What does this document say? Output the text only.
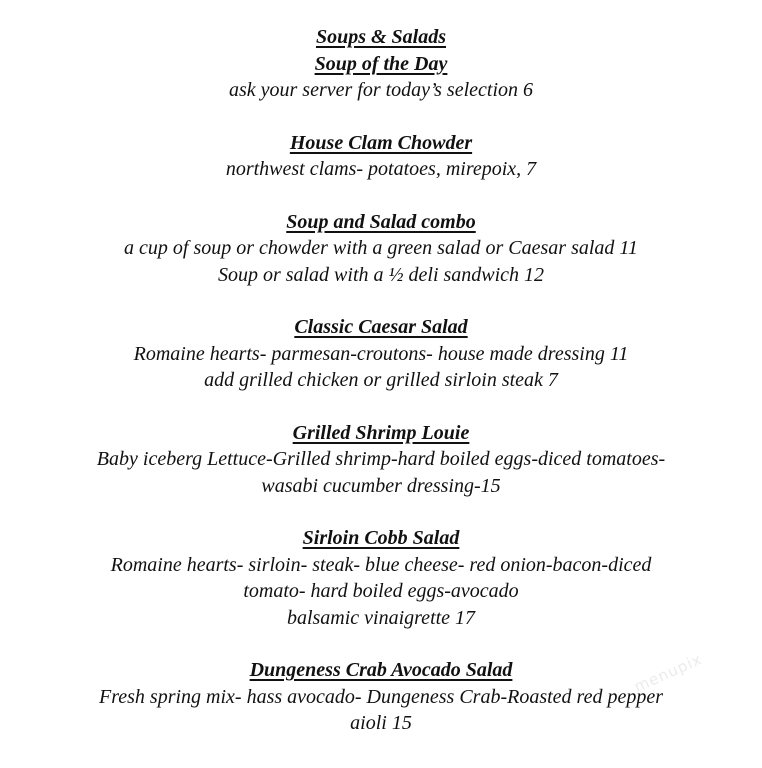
Soups & Salads

Soup of the Day

ask your server for today’s selection 6

House Clam Chowder

northwest clams- potatoes, mirepoix, 7

Soup and Salad combo

a cup of soup or chowder with a green salad or Caesar salad 11

Soup or salad with a ½ deli sandwich 12

Classic Caesar Salad

Romaine hearts- parmesan-croutons- house made dressing 11

add grilled chicken or grilled sirloin steak 7

Grilled Shrimp Louie

Baby iceberg Lettuce-Grilled shrimp-hard boiled eggs-diced tomatoes-

wasabi cucumber dressing-15

Sirloin Cobb Salad

Romaine hearts- sirloin- steak- blue cheese- red onion-bacon-diced

tomato- hard boiled eggs-avocado

balsamic vinaigrette 17

Dungeness Crab Avocado Salad

Fresh spring mix- hass avocado- Dungeness Crab-Roasted red pepper

aioli 15

menupix
